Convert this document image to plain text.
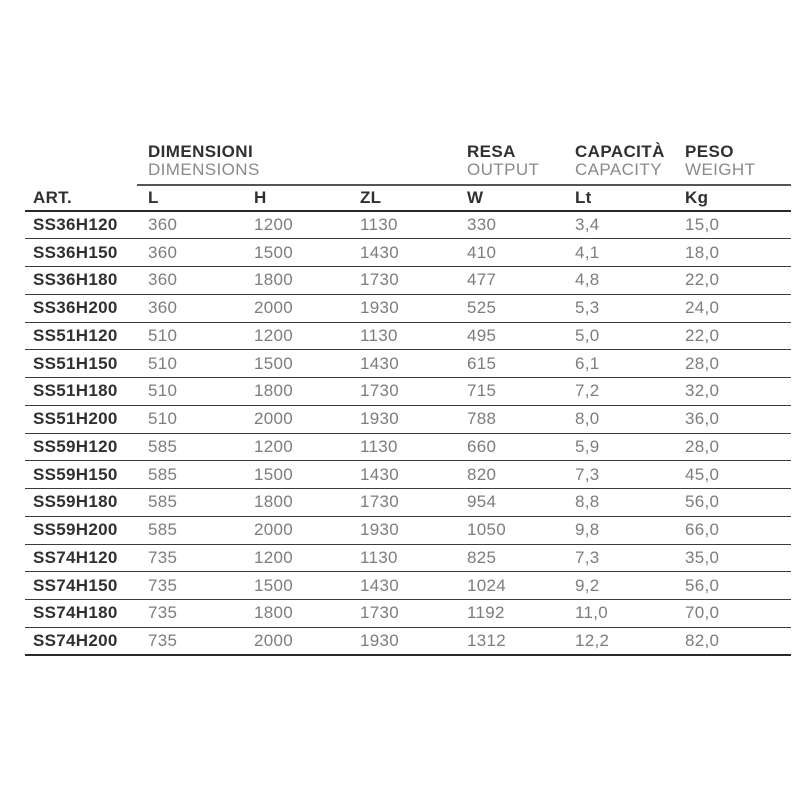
DIMENSIONI
DIMENSIONS
RESA
OUTPUT
CAPACITÀ
CAPACITY
PESO
WEIGHT
ART.	L	H	ZL	W	Lt	Kg
SS36H120	360	1200	1130	330	3,4	15,0
SS36H150	360	1500	1430	410	4,1	18,0
SS36H180	360	1800	1730	477	4,8	22,0
SS36H200	360	2000	1930	525	5,3	24,0
SS51H120	510	1200	1130	495	5,0	22,0
SS51H150	510	1500	1430	615	6,1	28,0
SS51H180	510	1800	1730	715	7,2	32,0
SS51H200	510	2000	1930	788	8,0	36,0
SS59H120	585	1200	1130	660	5,9	28,0
SS59H150	585	1500	1430	820	7,3	45,0
SS59H180	585	1800	1730	954	8,8	56,0
SS59H200	585	2000	1930	1050	9,8	66,0
SS74H120	735	1200	1130	825	7,3	35,0
SS74H150	735	1500	1430	1024	9,2	56,0
SS74H180	735	1800	1730	1192	11,0	70,0
SS74H200	735	2000	1930	1312	12,2	82,0
